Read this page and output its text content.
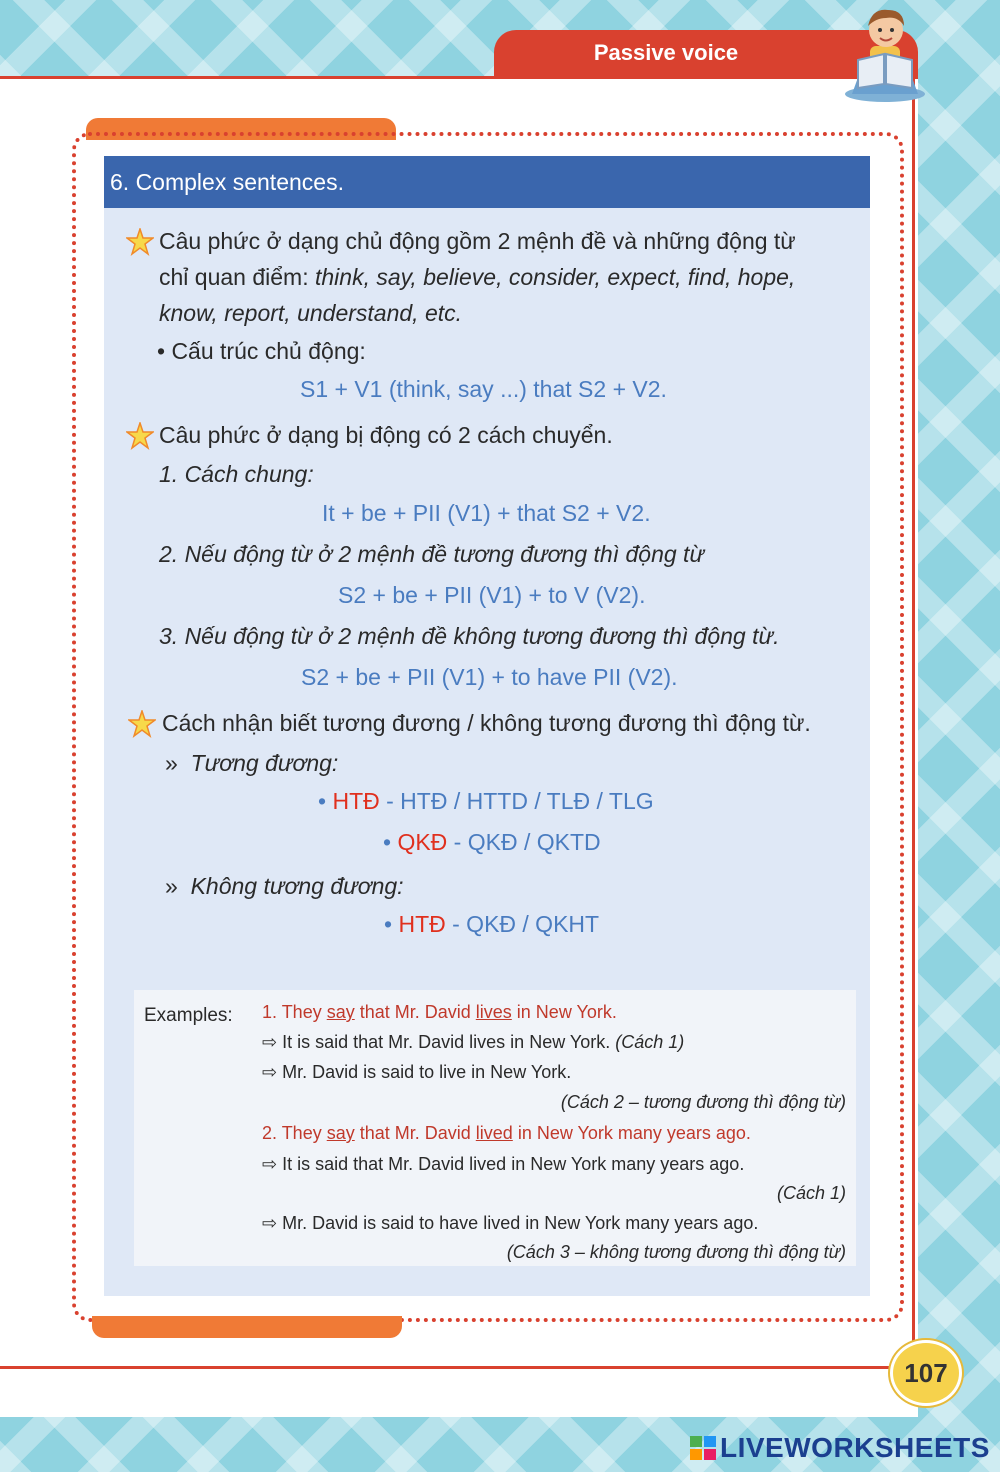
Passive voice
6. Complex sentences.
Câu phức ở dạng chủ động gồm 2 mệnh đề và những động từ
chỉ quan điểm: think, say, believe, consider, expect, find, hope,
know, report, understand, etc.
• Cấu trúc chủ động:
S1 + V1 (think, say ...) that S2 + V2.
Câu phức ở dạng bị động có 2 cách chuyển.
1. Cách chung:
It + be + PII (V1) + that S2 + V2.
2. Nếu động từ ở 2 mệnh đề tương đương thì động từ
S2 + be + PII (V1) + to V (V2).
3. Nếu động từ ở 2 mệnh đề không tương đương thì động từ.
S2 + be + PII (V1) + to have PII (V2).
Cách nhận biết tương đương / không tương đương thì động từ.
» Tương đương:
• HTĐ - HTĐ / HTTD / TLĐ / TLG
• QKĐ - QKĐ / QKTD
» Không tương đương:
• HTĐ - QKĐ / QKHT
Examples: 1. They say that Mr. David lives in New York.
⇨ It is said that Mr. David lives in New York. (Cách 1)
⇨ Mr. David is said to live in New York.
(Cách 2 – tương đương thì động từ)
2. They say that Mr. David lived in New York many years ago.
⇨ It is said that Mr. David lived in New York many years ago.
(Cách 1)
⇨ Mr. David is said to have lived in New York many years ago.
(Cách 3 – không tương đương thì động từ)
107
LIVEWORKSHEETS
